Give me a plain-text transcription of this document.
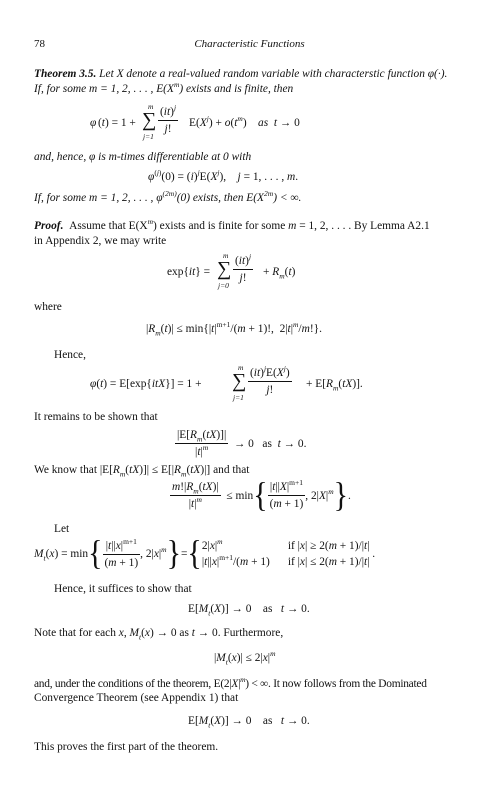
78	Characteristic Functions
Theorem 3.5. Let X denote a real-valued random variable with characterstic function φ(·).
If, for some m = 1, 2, . . . , $E(X^m)$ exists and is finite, then
φ (t) = 1 +
m
∑
j=1
$\frac{(it)^j}{j!} E(X^j) + o(t^m)$    as  t → 0
and, hence, φ is m-times differentiable at 0 with
$\varphi^{(j)}(0) = (i)^jE(X^j)$,    j = 1, . . . , m.
If, for some m = 1, 2, . . . , $\varphi^{(2m)}(0)$ exists, then $E(X^{2m})$ < ∞.
Proof.  Assume that $E(X^m)$ exists and is finite for some m = 1, 2, . . . . By Lemma A2.1
in Appendix 2, we may write
exp{it} =
m
∑
j=0
$\frac{(it)^j}{j!} + R_m(t)$
where
$|R_m(t)| \le \min\{|t|^{m+1}/(m + 1)$!,  $2|t|^m/m$!}.
Hence,
φ(t) = E[exp{itX}] = 1 +
m
∑
j=1
$\frac{(it)^jE(X^j)}{j!} + E[R_m(tX)]$.
It remains to be shown that
$\frac{|E[R_m(tX)]|}{|t|^m} \to 0$   as  t → 0.
We know that $|E[R_m(tX)]| \le E[|R_m(tX)|]$ and that
$\frac{m!|R_m(tX)|}{|t|^m} \le \min\{ \frac{|t||X|^{m+1}}{(m + 1)}$ , $2|X|^m$}.
Let
$M_t(x) = \min\{ \frac{|t||x|^{m+1}}{(m + 1)}$ , $2|x|^m\}=${ $2|x|^m$
$|t||x|^{m+1}/(m + 1)$
if |x| ≥ 2(m + 1)/|t|
if |x| ≤ 2(m + 1)/|t|
.
Hence, it suffices to show that
$E[M_t(X)] \to 0$    as   t → 0.
Note that for each x, $M_t(x) \to 0$ as t → 0. Furthermore,
$|M_t(x)| \le 2|x|^m$
and, under the conditions of the theorem, $E(2|X|^m)$ < ∞. It now follows from the Dominated
Convergence Theorem (see Appendix 1) that
$E[M_t(X)] \to 0$    as   t → 0.
This proves the first part of the theorem.
